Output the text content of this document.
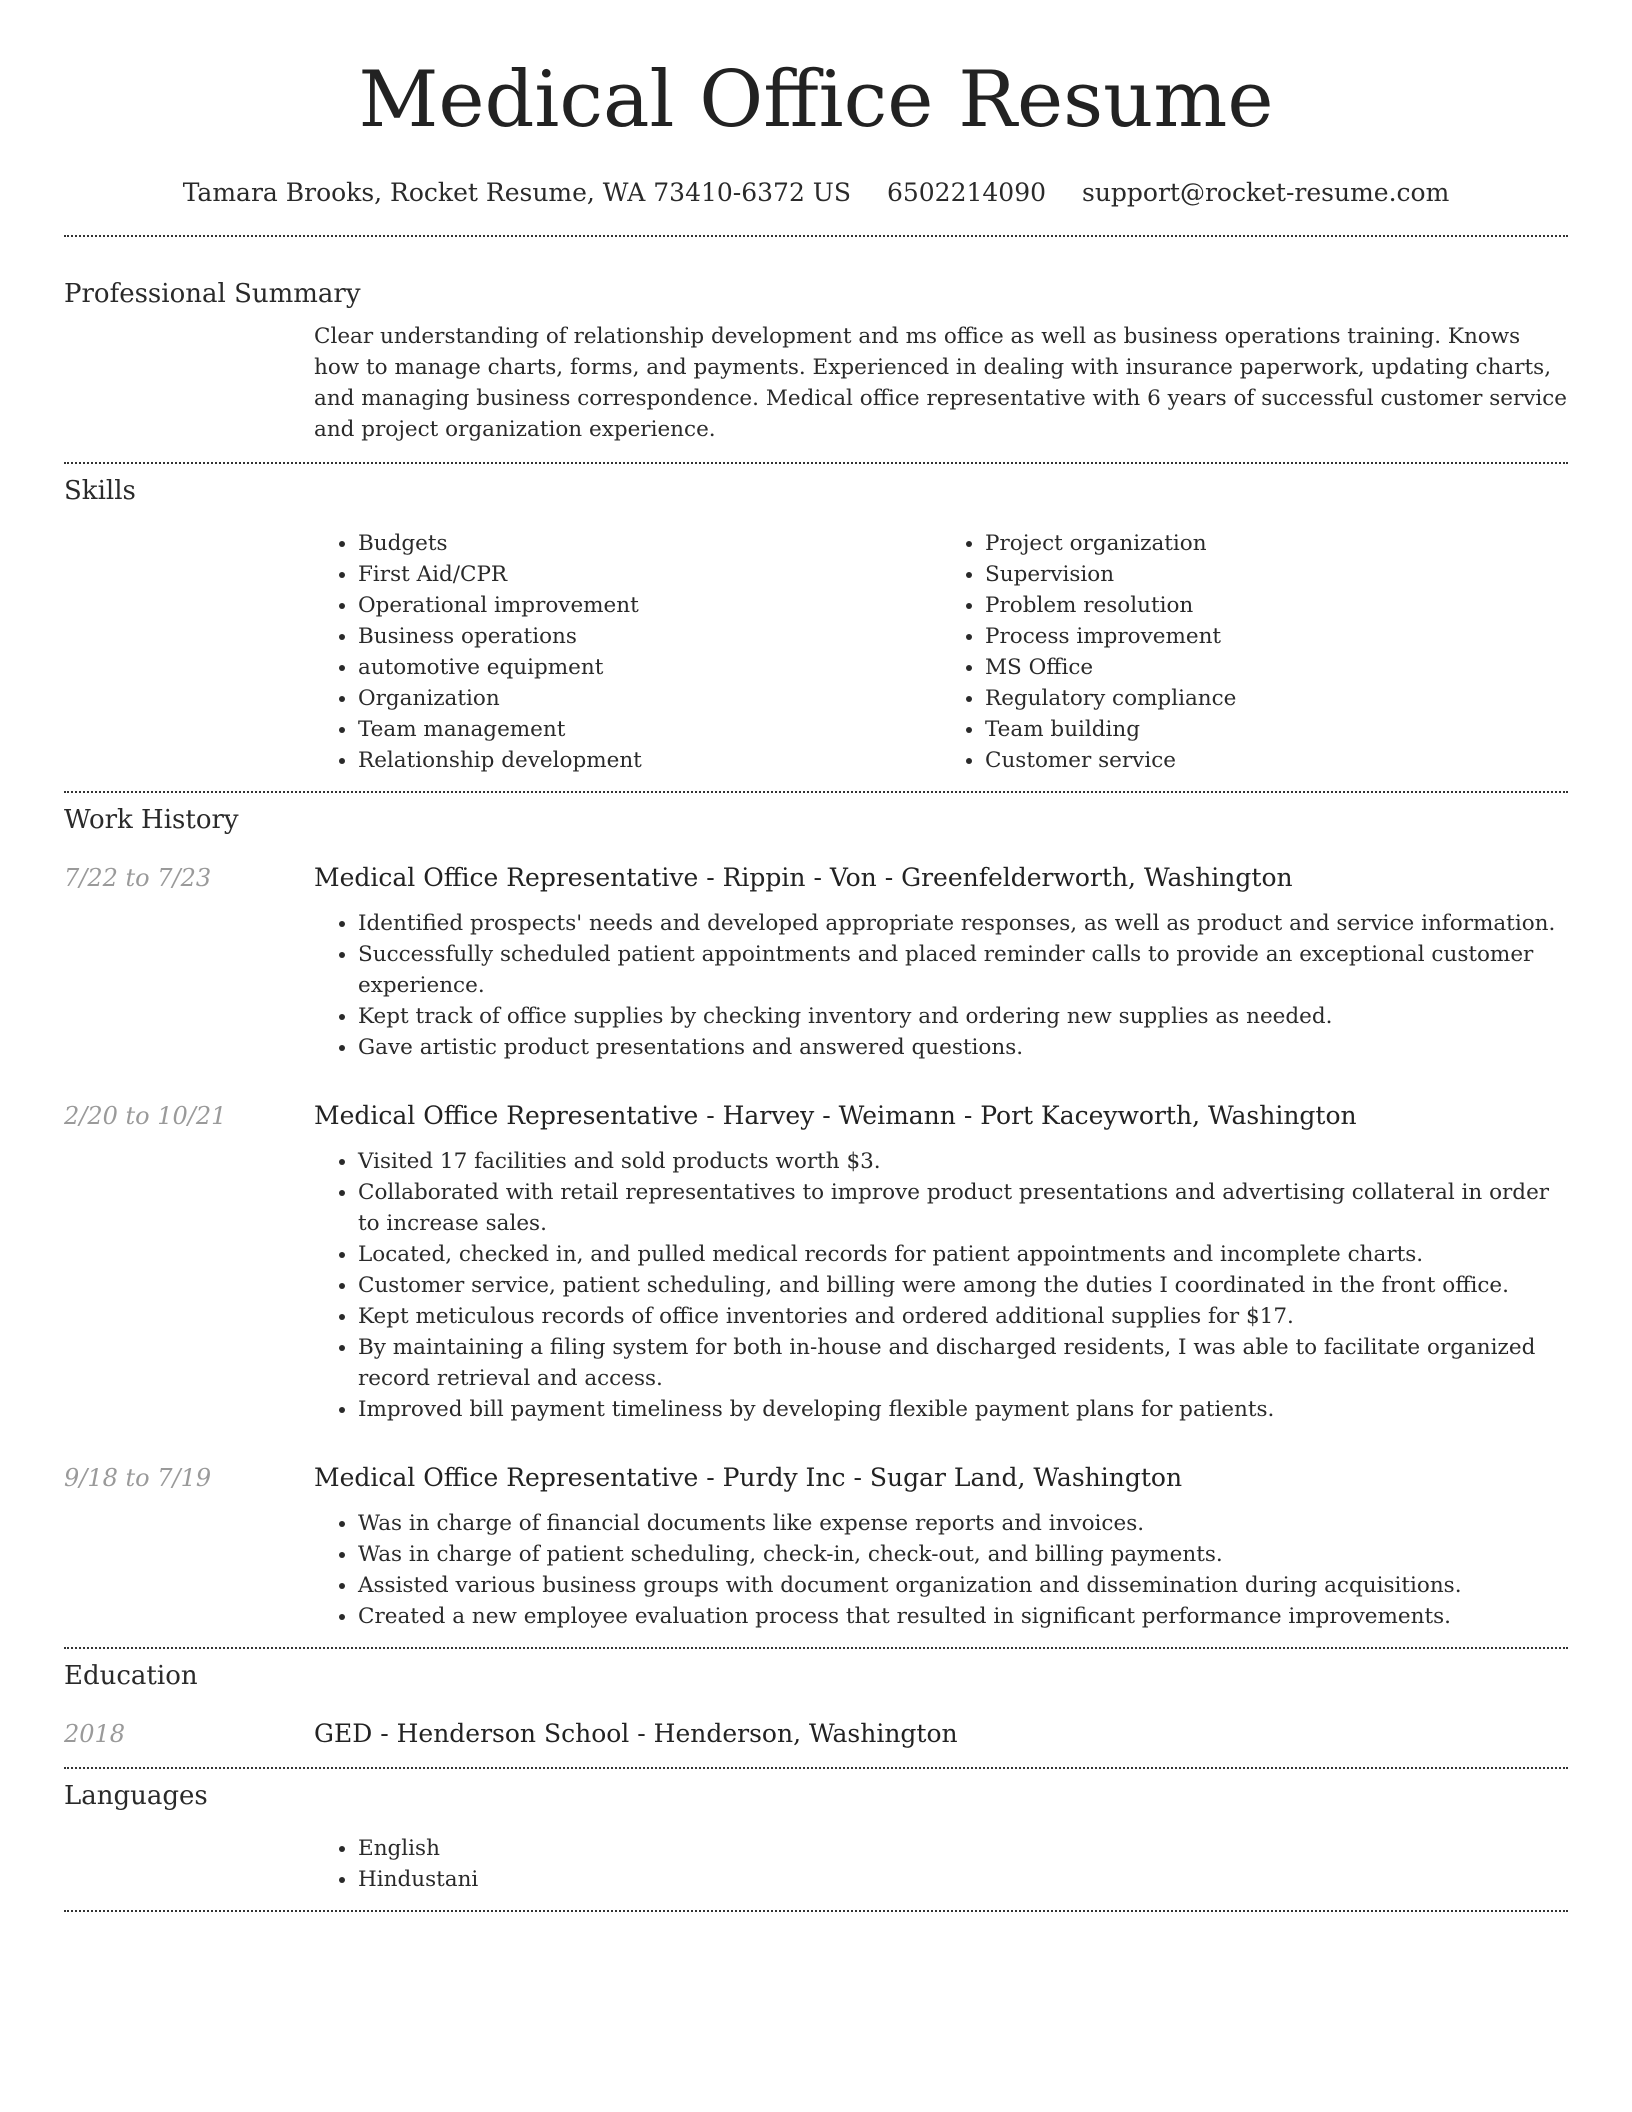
Medical Office Resume
Tamara Brooks, Rocket Resume, WA 73410-6372 US 6502214090 support@rocket-resume.com
Professional Summary
Clear understanding of relationship development and ms office as well as business operations training. Knows how to manage charts, forms, and payments. Experienced in dealing with insurance paperwork, updating charts, and managing business correspondence. Medical office representative with 6 years of successful customer service and project organization experience.
Skills
• Budgets
• First Aid/CPR
• Operational improvement
• Business operations
• automotive equipment
• Organization
• Team management
• Relationship development
• Project organization
• Supervision
• Problem resolution
• Process improvement
• MS Office
• Regulatory compliance
• Team building
• Customer service
Work History
7/22 to 7/23	Medical Office Representative - Rippin - Von - Greenfelderworth, Washington
• Identified prospects' needs and developed appropriate responses, as well as product and service information.
• Successfully scheduled patient appointments and placed reminder calls to provide an exceptional customer experience.
• Kept track of office supplies by checking inventory and ordering new supplies as needed.
• Gave artistic product presentations and answered questions.
2/20 to 10/21	Medical Office Representative - Harvey - Weimann - Port Kaceyworth, Washington
• Visited 17 facilities and sold products worth $3.
• Collaborated with retail representatives to improve product presentations and advertising collateral in order to increase sales.
• Located, checked in, and pulled medical records for patient appointments and incomplete charts.
• Customer service, patient scheduling, and billing were among the duties I coordinated in the front office.
• Kept meticulous records of office inventories and ordered additional supplies for $17.
• By maintaining a filing system for both in-house and discharged residents, I was able to facilitate organized record retrieval and access.
• Improved bill payment timeliness by developing flexible payment plans for patients.
9/18 to 7/19	Medical Office Representative - Purdy Inc - Sugar Land, Washington
• Was in charge of financial documents like expense reports and invoices.
• Was in charge of patient scheduling, check-in, check-out, and billing payments.
• Assisted various business groups with document organization and dissemination during acquisitions.
• Created a new employee evaluation process that resulted in significant performance improvements.
Education
2018	GED - Henderson School - Henderson, Washington
Languages
• English
• Hindustani
